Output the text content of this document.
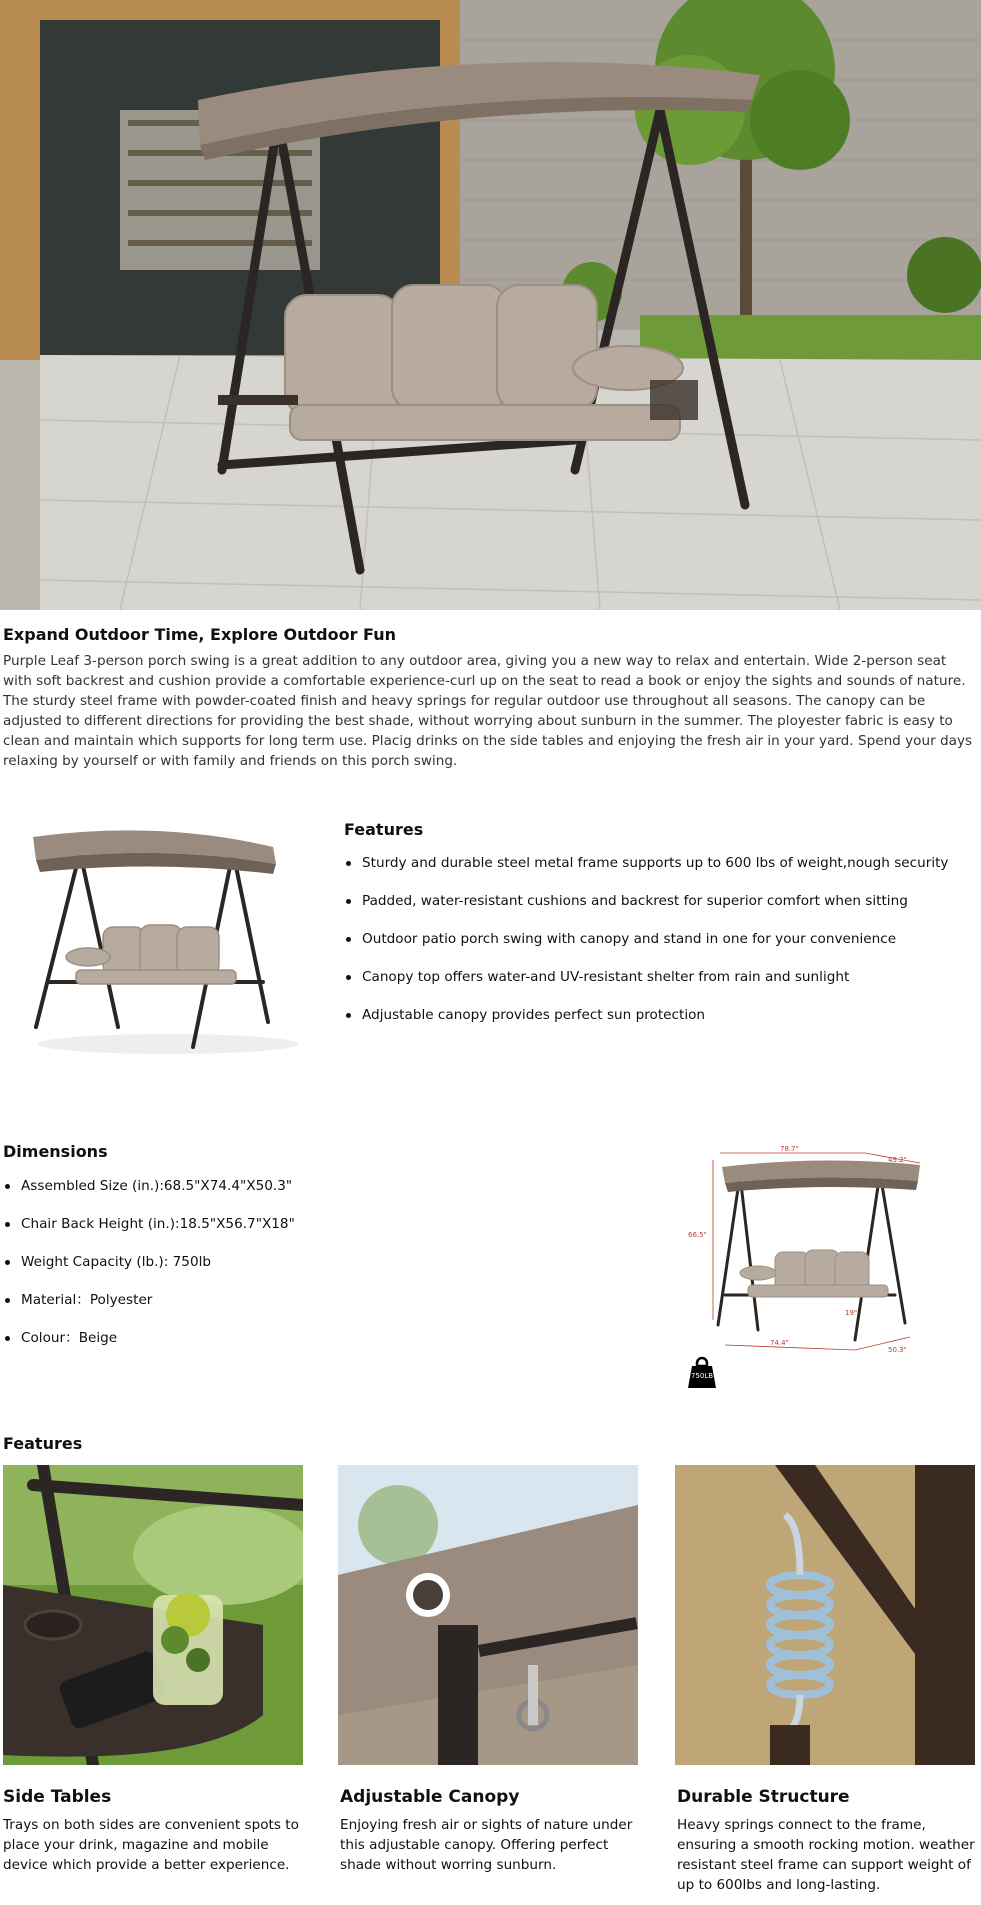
Expand Outdoor Time, Explore Outdoor Fun

Purple Leaf 3-person porch swing is a great addition to any outdoor area, giving you a new way to relax and entertain. Wide 2-person seat with soft backrest and cushion provide a comfortable experience-curl up on the seat to read a book or enjoy the sights and sounds of nature. The sturdy steel frame with powder-coated finish and heavy springs for regular outdoor use throughout all seasons. The canopy can be adjusted to different directions for providing the best shade, without worrying about sunburn in the summer. The ployester fabric is easy to clean and maintain which supports for long term use. Placig drinks on the side tables and enjoying the fresh air in your yard. Spend your days relaxing by yourself or with family and friends on this porch swing.

Features
Sturdy and durable steel metal frame supports up to 600 lbs of weight,nough security
Padded, water-resistant cushions and backrest for superior comfort when sitting
Outdoor patio porch swing with canopy and stand in one for your convenience
Canopy top offers water-and UV-resistant shelter from rain and sunlight
Adjustable canopy provides perfect sun protection
Dimensions
Assembled Size (in.):68.5"X74.4"X50.3"
Chair Back Height (in.):18.5"X56.7"X18"
Weight Capacity (lb.): 750lb
Material：Polyester
Colour：Beige
78.7"
49.2"
66.5"
19"
74.4"
50.3"
750LB
Features
Side Tables

Trays on both sides are convenient spots to place your drink, magazine and mobile device which provide a better experience.

Adjustable Canopy

Enjoying fresh air or sights of nature under this adjustable canopy. Offering perfect shade without worring sunburn.

Durable Structure

Heavy springs connect to the frame, ensuring a smooth rocking motion. weather resistant steel frame can support weight of up to 600lbs and long-lasting.
